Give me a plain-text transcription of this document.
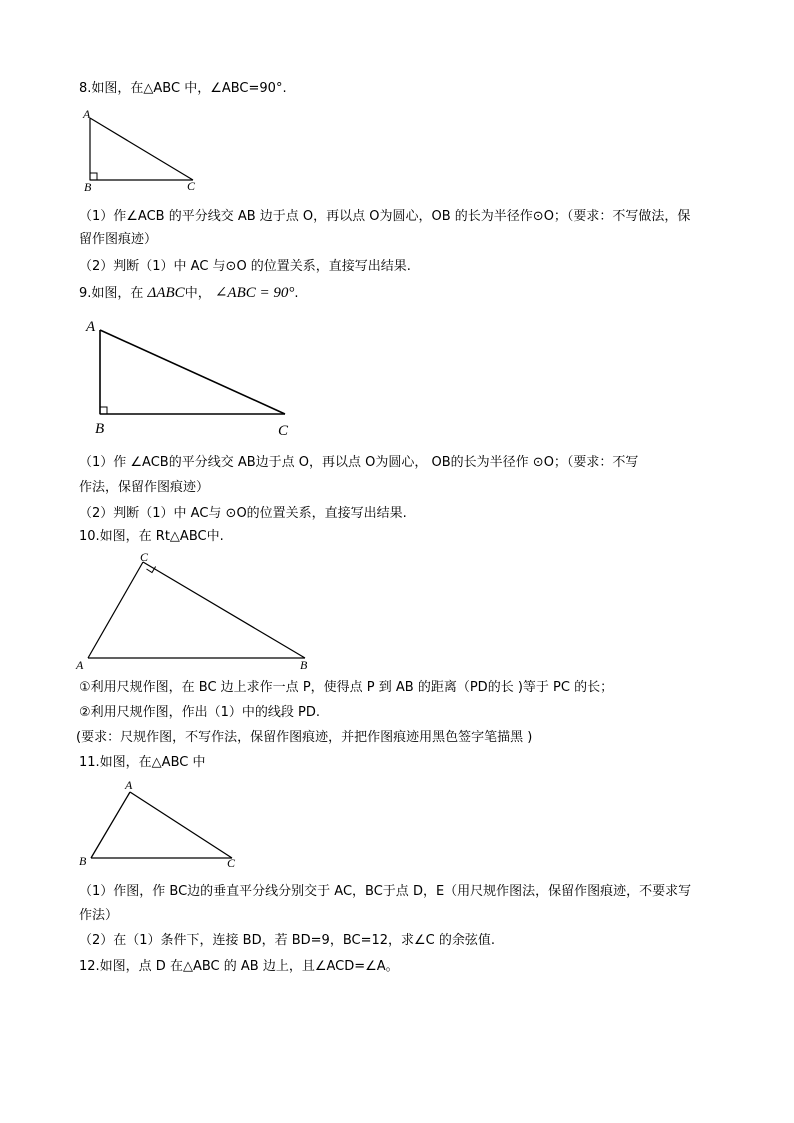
8.如图，在△ABC 中，∠ABC=90°.
A
B	C
（1）作∠ACB 的平分线交 AB 边于点 O，再以点 O为圆心，OB 的长为半径作⊙O；（要求：不写做法，保
留作图痕迹）
（2）判断（1）中 AC 与⊙O 的位置关系，直接写出结果.
9.如图，在 ΔABC中， ∠ABC = 90°.
A
B	C
（1）作 ∠ACB的平分线交 AB边于点 O，再以点 O为圆心， OB的长为半径作 ⊙O；（要求：不写
作法，保留作图痕迹）
（2）判断（1）中 AC与 ⊙O的位置关系，直接写出结果.
10.如图，在 Rt△ABC中.
C
A	B
①利用尺规作图，在 BC 边上求作一点 P，使得点 P 到 AB 的距离（PD的长 )等于 PC 的长；
②利用尺规作图，作出（1）中的线段 PD.
(要求：尺规作图，不写作法，保留作图痕迹，并把作图痕迹用黑色签字笔描黑 )
11.如图，在△ABC 中
A
B	C
（1）作图，作 BC边的垂直平分线分别交于 AC，BC于点 D，E（用尺规作图法，保留作图痕迹，不要求写
作法）
（2）在（1）条件下，连接 BD，若 BD=9，BC=12，求∠C 的余弦值.
12.如图，点 D 在△ABC 的 AB 边上，且∠ACD=∠A。
